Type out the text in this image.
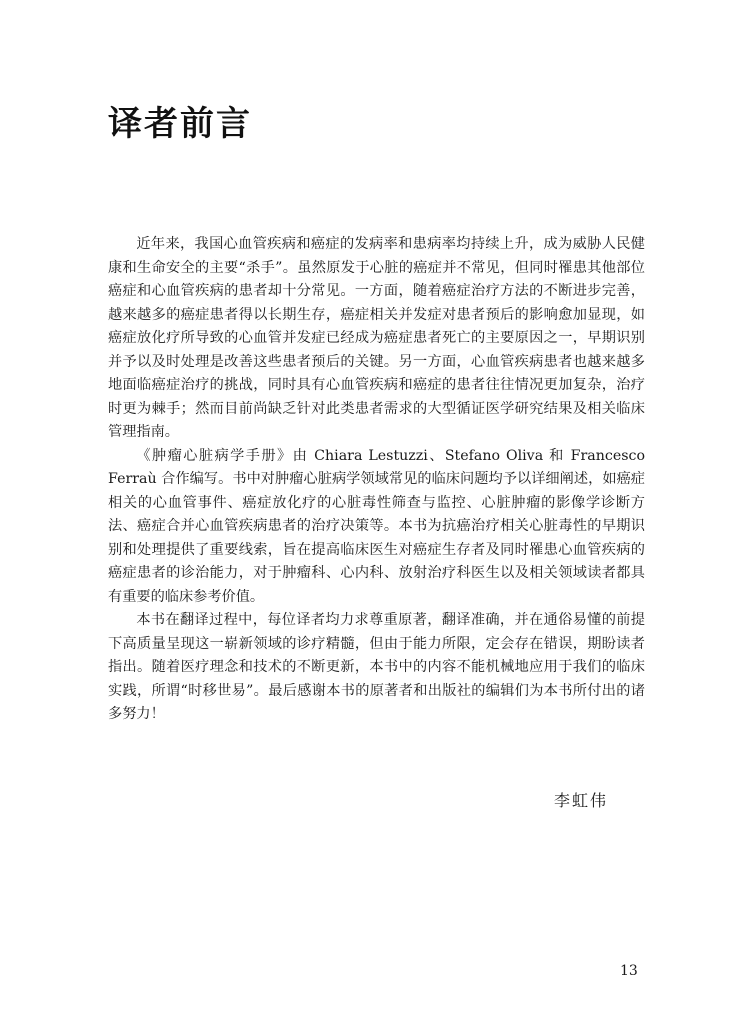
译者前言

近年来，我国心血管疾病和癌症的发病率和患病率均持续上升，成为威胁人民健康和生命安全的主要“杀手”。虽然原发于心脏的癌症并不常见，但同时罹患其他部位癌症和心血管疾病的患者却十分常见。一方面，随着癌症治疗方法的不断进步完善，越来越多的癌症患者得以长期生存，癌症相关并发症对患者预后的影响愈加显现，如癌症放化疗所导致的心血管并发症已经成为癌症患者死亡的主要原因之一，早期识别并予以及时处理是改善这些患者预后的关键。另一方面，心血管疾病患者也越来越多地面临癌症治疗的挑战，同时具有心血管疾病和癌症的患者往往情况更加复杂，治疗时更为棘手；然而目前尚缺乏针对此类患者需求的大型循证医学研究结果及相关临床管理指南。

《肿瘤心脏病学手册》由 Chiara Lestuzzi、Stefano Oliva 和 Francesco Ferraù 合作编写。书中对肿瘤心脏病学领域常见的临床问题均予以详细阐述，如癌症相关的心血管事件、癌症放化疗的心脏毒性筛查与监控、心脏肿瘤的影像学诊断方法、癌症合并心血管疾病患者的治疗决策等。本书为抗癌治疗相关心脏毒性的早期识别和处理提供了重要线索，旨在提高临床医生对癌症生存者及同时罹患心血管疾病的癌症患者的诊治能力，对于肿瘤科、心内科、放射治疗科医生以及相关领域读者都具有重要的临床参考价值。

本书在翻译过程中，每位译者均力求尊重原著，翻译准确，并在通俗易懂的前提下高质量呈现这一崭新领域的诊疗精髓，但由于能力所限，定会存在错误，期盼读者指出。随着医疗理念和技术的不断更新，本书中的内容不能机械地应用于我们的临床实践，所谓“时移世易”。最后感谢本书的原著者和出版社的编辑们为本书所付出的诸多努力！

李虹伟
13
